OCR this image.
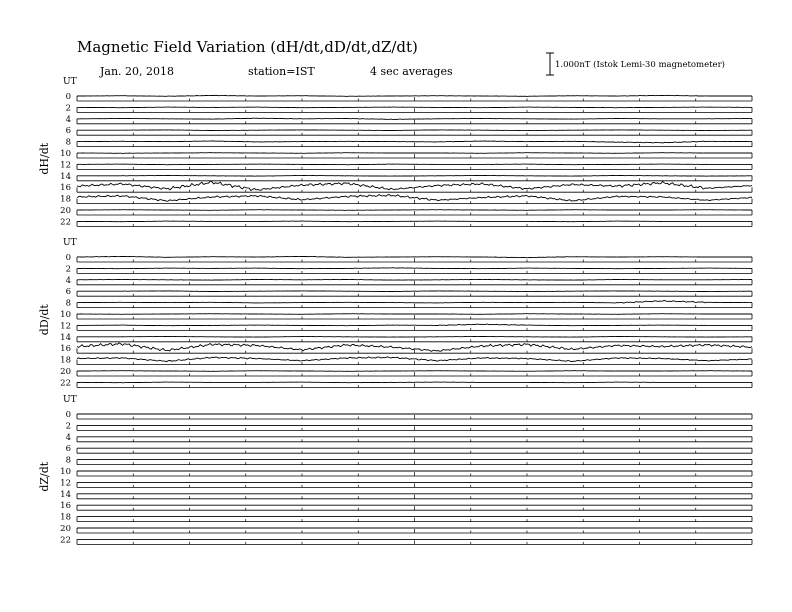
Magnetic Field Variation (dH/dt,dD/dt,dZ/dt)
Jan. 20, 2018	station=IST	4 sec averages	1.000nT (Istok Lemi-30 magnetometer)
UT
dH/dt
0
2
4
6
8
10
12
14
16
18
20
22
UT
dD/dt
0
2
4
6
8
10
12
14
16
18
20
22
UT
dZ/dt
0
2
4
6
8
10
12
14
16
18
20
22
